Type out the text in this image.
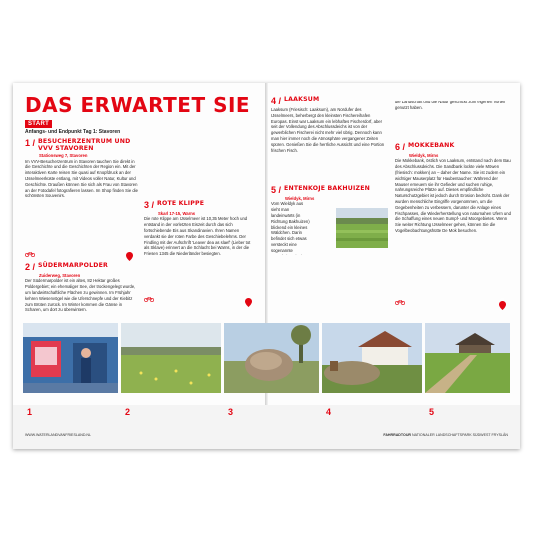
DAS ERWARTET SIE
START
Anfangs- und Endpunkt Tag 1: Stavoren
1 / BESUCHERZENTRUM UND VVV STAVOREN
Stationsweg 7, Stavoren

Im VVV-Besucherzentrum in Stavoren tauchen Sie direkt in die Geschichte und die Geschichten der Region ein. Mit der interaktiven Karte reisen Sie quasi auf Knopfdruck an der IJsselmeerküste entlang, mit Videos voller Natur, Kultur und Geschichte. Draußen können Sie sich als Frau von Stavoren an der Fotodafel fotografieren lassen. Im Shop finden Sie die schönsten Souvenirs.

6A
2 / SÜDERMARPOLDER
Zuiderweg, Stavoren

Der Südermarpolder ist ein altes, 82 Hektar großes Poldergebiet; ein ehemaliger See, der trockengelegt wurde, um landwirtschaftliche Flächen zu gewinnen. Im Frühjahr kehren Wiesenvögel wie die Uferschnepfe und der Kiebitz zum Brüten zurück. Im Winter kommen die Gänse in Scharen, um dort zu überwintern.

3 / ROTE KLIPPE
Skarl 17-15, Warns

Die rote Klippe am IJsselmeer ist 10,35 Meter hoch und entstand in der vorletzten Eiszeit durch das sich fortschiebende Eis aus Skandinavien. Ihren Namen verdankt sie der roten Farbe des Geschiebelehms. Der Findling mit der Aufschrift 'Leaver dea as slaef' (Lieber tot als Sklave) erinnert an die Schlacht bei Warns, in der die Friesen 1345 die Niederländer besiegten.

54
4 / LAAKSUM

Laaksum (Friesisch: Laaksum), am Nordufer des IJsselmeers, beherbergt den kleinsten Fischereihafen Europas. Einst war Laaksum ein lebhaftes Fischerdorf, aber seit der Vollendung des Abschlussdeichs ist von der gewerblichen Fischerei nicht mehr viel übrig. Dennoch kann man hier immer noch die Atmosphäre vergangener Zeiten spüren. Genießen Sie die herrliche Aussicht und eine Portion frischen Fisch.

5 / ENTENKOJE BAKHUIZEN
Wieldyk, Mirns

Vom Wieldyk aus sieht man landeinwärts (in Richtung Bakhuizen) blickend ein kleines Wäldchen. Darin befindet sich etwas versteckt eine sogenannte

die Landschaft und die Natur geschickt zum eigenen Vorteil genutzt haben.

6 / MOKKEBANK
Wieldyk, Mirns

Die Mokkebank, östlich von Laaksum, entstand nach dem Bau des Abschlussdeichs. Die Sandbank lockte viele Möwen (friesisch: mokken) an – daher der Name. Sie ist zudem ein wichtiger Mauserplatz für Haubentaucher: Während der Mauser erneuern sie ihr Gefieder und suchen ruhige, nahrungsreiche Plätze auf. Dieses empfindliche Naturschutzgebiet ist jedoch durch Erosion bedroht. Dank der wurden menschliche Eingriffe vorgenommen, um die Gegebenheiten zu verbessern, darunter die Anlage eines Fischpasses, die Wiederherstellung von naturnahen Ufern und die Schaffung eines neuen Sumpf- und Moorgebietes. Wenn Sie weiter Richtung IJsselmeer gehen, können Sie die Vogelbeobachtungshütte De Mok besuchen.

65
1	2	3	4	5
WWW.WATERLANDVANFRIESLAND.NL	FAHRRADTOUR NATIONALER LANDSCHAFTSPARK SÜDWEST FRYSLÂN
